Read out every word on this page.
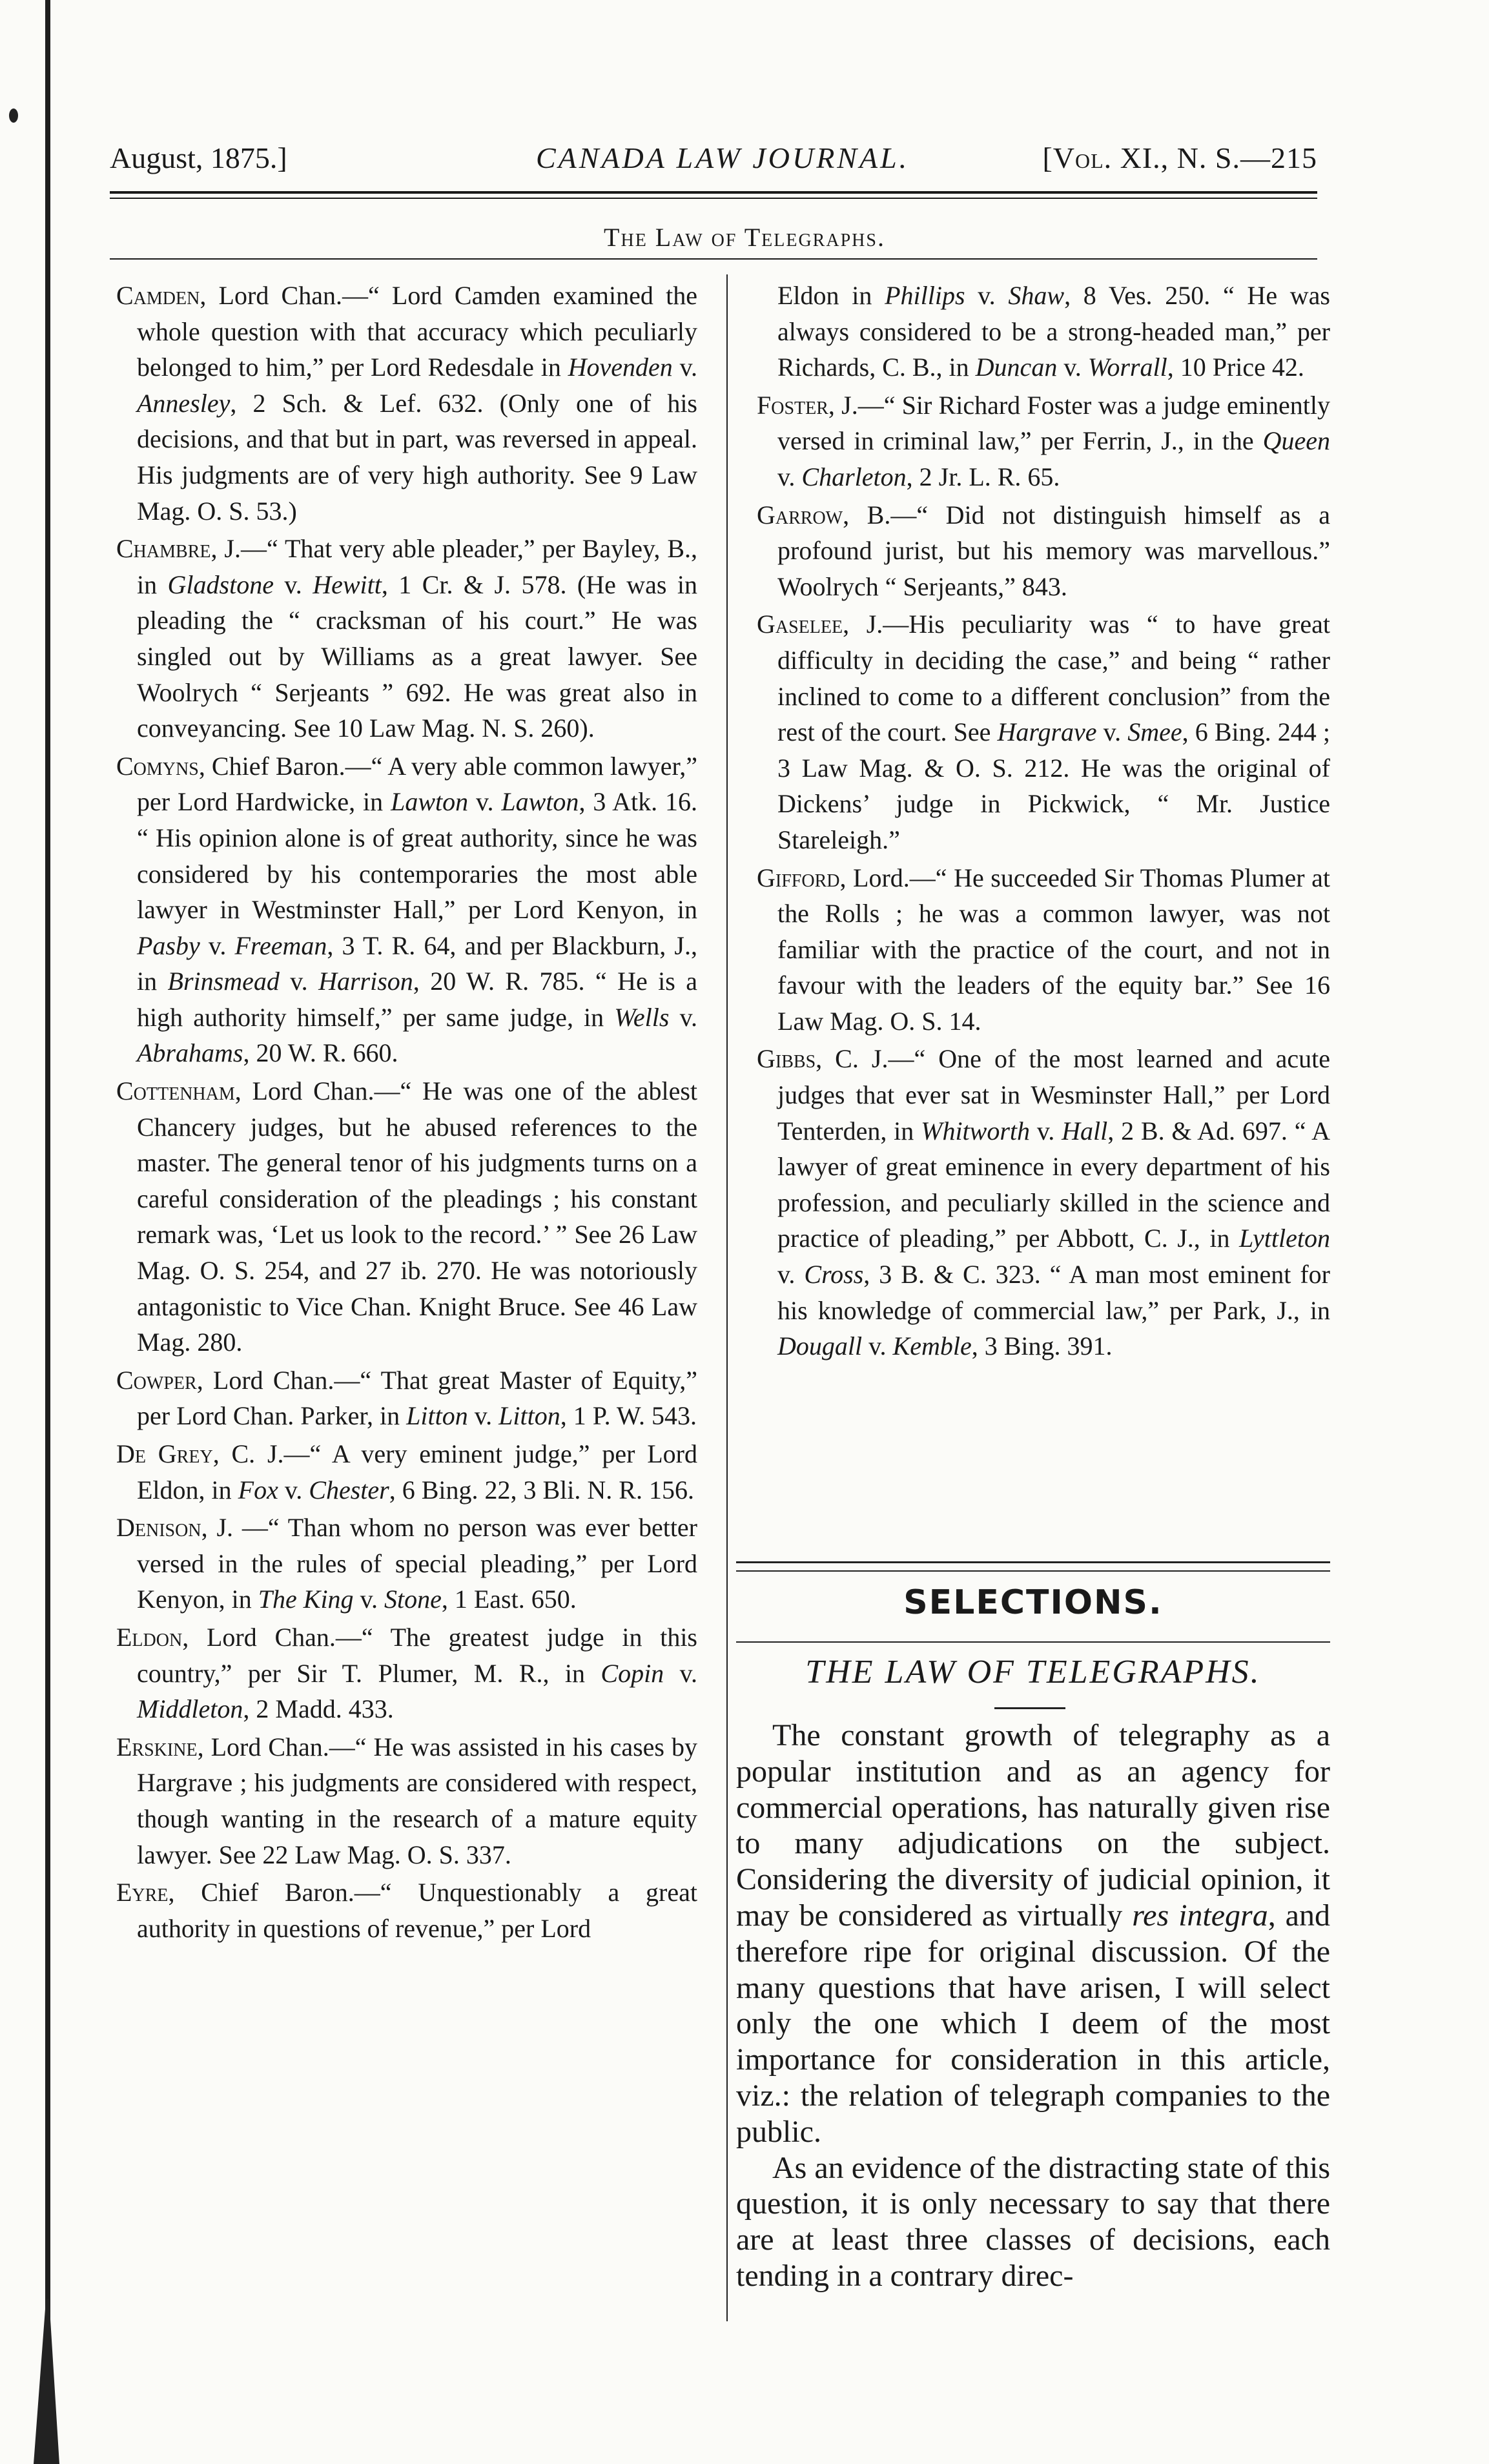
August, 1875.]	CANADA LAW JOURNAL.	[Vol. XI., N. S.—215
The Law of Telegraphs.

Camden, Lord Chan.—“ Lord Camden examined the whole question with that accuracy which peculiarly belonged to him,” per Lord Redesdale in Hovenden v. Annesley, 2 Sch. & Lef. 632. (Only one of his decisions, and that but in part, was reversed in appeal. His judgments are of very high authority. See 9 Law Mag. O. S. 53.)

Chambre, J.—“ That very able pleader,” per Bayley, B., in Gladstone v. Hewitt, 1 Cr. & J. 578. (He was in pleading the “ cracksman of his court.” He was singled out by Williams as a great lawyer. See Woolrych “ Serjeants ” 692. He was great also in conveyancing. See 10 Law Mag. N. S. 260).

Comyns, Chief Baron.—“ A very able common lawyer,” per Lord Hardwicke, in Lawton v. Lawton, 3 Atk. 16. “ His opinion alone is of great authority, since he was considered by his contemporaries the most able lawyer in Westminster Hall,” per Lord Kenyon, in Pasby v. Freeman, 3 T. R. 64, and per Blackburn, J., in Brinsmead v. Harrison, 20 W. R. 785. “ He is a high authority himself,” per same judge, in Wells v. Abrahams, 20 W. R. 660.

Cottenham, Lord Chan.—“ He was one of the ablest Chancery judges, but he abused references to the master. The general tenor of his judgments turns on a careful consideration of the pleadings ; his constant remark was, ‘Let us look to the record.’ ” See 26 Law Mag. O. S. 254, and 27 ib. 270. He was notoriously antagonistic to Vice Chan. Knight Bruce. See 46 Law Mag. 280.

Cowper, Lord Chan.—“ That great Master of Equity,” per Lord Chan. Parker, in Litton v. Litton, 1 P. W. 543.

De Grey, C. J.—“ A very eminent judge,” per Lord Eldon, in Fox v. Chester, 6 Bing. 22, 3 Bli. N. R. 156.

Denison, J. —“ Than whom no person was ever better versed in the rules of special pleading,” per Lord Kenyon, in The King v. Stone, 1 East. 650.

Eldon, Lord Chan.—“ The greatest judge in this country,” per Sir T. Plumer, M. R., in Copin v. Middleton, 2 Madd. 433.

Erskine, Lord Chan.—“ He was assisted in his cases by Hargrave ; his judgments are considered with respect, though wanting in the research of a mature equity lawyer. See 22 Law Mag. O. S. 337.

Eyre, Chief Baron.—“ Unquestionably a great authority in questions of revenue,” per Lord

Eldon in Phillips v. Shaw, 8 Ves. 250. “ He was always considered to be a strong-headed man,” per Richards, C. B., in Duncan v. Worrall, 10 Price 42.

Foster, J.—“ Sir Richard Foster was a judge eminently versed in criminal law,” per Ferrin, J., in the Queen v. Charleton, 2 Jr. L. R. 65.

Garrow, B.—“ Did not distinguish himself as a profound jurist, but his memory was marvellous.” Woolrych “ Serjeants,” 843.

Gaselee, J.—His peculiarity was “ to have great difficulty in deciding the case,” and being “ rather inclined to come to a different conclusion” from the rest of the court. See Hargrave v. Smee, 6 Bing. 244 ; 3 Law Mag. & O. S. 212. He was the original of Dickens’ judge in Pickwick, “ Mr. Justice Stareleigh.”

Gifford, Lord.—“ He succeeded Sir Thomas Plumer at the Rolls ; he was a common lawyer, was not familiar with the practice of the court, and not in favour with the leaders of the equity bar.” See 16 Law Mag. O. S. 14.

Gibbs, C. J.—“ One of the most learned and acute judges that ever sat in Wesminster Hall,” per Lord Tenterden, in Whitworth v. Hall, 2 B. & Ad. 697. “ A lawyer of great eminence in every department of his profession, and peculiarly skilled in the science and practice of pleading,” per Abbott, C. J., in Lyttleton v. Cross, 3 B. & C. 323. “ A man most eminent for his knowledge of commercial law,” per Park, J., in Dougall v. Kemble, 3 Bing. 391.

SELECTIONS.
THE LAW OF TELEGRAPHS.

The constant growth of telegraphy as a popular institution and as an agency for commercial operations, has naturally given rise to many adjudications on the subject. Considering the diversity of judicial opinion, it may be considered as virtually res integra, and therefore ripe for original discussion. Of the many questions that have arisen, I will select only the one which I deem of the most importance for consideration in this article, viz.: the relation of telegraph companies to the public.

As an evidence of the distracting state of this question, it is only necessary to say that there are at least three classes of decisions, each tending in a contrary direc-
